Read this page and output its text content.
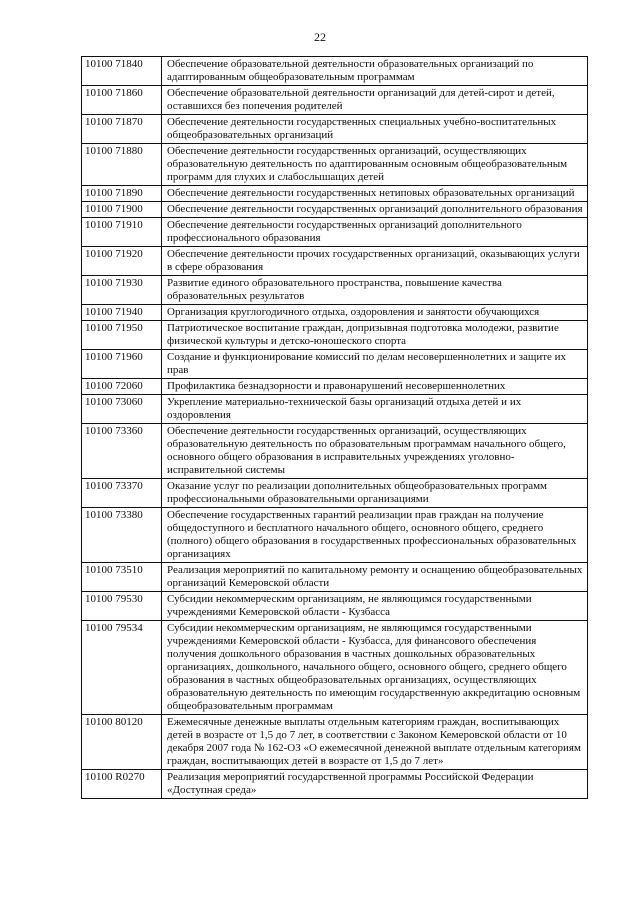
22
10100 71840	Обеспечение образовательной деятельности образовательных организаций по адаптированным общеобразовательным программам
10100 71860	Обеспечение образовательной деятельности организаций для детей-сирот и детей, оставшихся без попечения родителей
10100 71870	Обеспечение деятельности государственных специальных учебно-воспитательных общеобразовательных организаций
10100 71880	Обеспечение деятельности государственных организаций, осуществляющих образовательную деятельность по адаптированным основным общеобразовательным программ для глухих и слабослышащих детей
10100 71890	Обеспечение деятельности государственных нетиповых образовательных организаций
10100 71900	Обеспечение деятельности государственных организаций дополнительного образования
10100 71910	Обеспечение деятельности государственных организаций дополнительного профессионального образования
10100 71920	Обеспечение деятельности прочих государственных организаций, оказывающих услуги в сфере образования
10100 71930	Развитие единого образовательного пространства, повышение качества образовательных результатов
10100 71940	Организация круглогодичного отдыха, оздоровления и занятости обучающихся
10100 71950	Патриотическое воспитание граждан, допризывная подготовка молодежи, развитие физической культуры и детско-юношеского спорта
10100 71960	Создание и функционирование комиссий по делам несовершеннолетних и защите их прав
10100 72060	Профилактика безнадзорности и правонарушений несовершеннолетних
10100 73060	Укрепление материально-технической базы организаций отдыха детей и их оздоровления
10100 73360	Обеспечение деятельности государственных организаций, осуществляющих образовательную деятельность по образовательным программам начального общего, основного общего образования в исправительных учреждениях уголовно-исправительной системы
10100 73370	Оказание услуг по реализации дополнительных общеобразовательных программ профессиональными образовательными организациями
10100 73380	Обеспечение государственных гарантий реализации прав граждан на получение общедоступного и бесплатного начального общего, основного общего, среднего (полного) общего образования в государственных профессиональных образовательных организациях
10100 73510	Реализация мероприятий по капитальному ремонту и оснащению общеобразовательных организаций Кемеровской области
10100 79530	Субсидии некоммерческим организациям, не являющимся государственными учреждениями Кемеровской области - Кузбасса
10100 79534	Субсидии некоммерческим организациям, не являющимся государственными учреждениями Кемеровской области - Кузбасса, для финансового обеспечения получения дошкольного образования в частных дошкольных образовательных организациях, дошкольного, начального общего, основного общего, среднего общего образования в частных общеобразовательных организациях, осуществляющих образовательную деятельность по имеющим государственную аккредитацию основным общеобразовательным программам
10100 80120	Ежемесячные денежные выплаты отдельным категориям граждан, воспитывающих детей в возрасте от 1,5 до 7 лет, в соответствии с Законом Кемеровской области от 10 декабря 2007 года № 162-ОЗ «О ежемесячной денежной выплате отдельным категориям граждан, воспитывающих детей в возрасте от 1,5 до 7 лет»
10100 R0270	Реализация мероприятий государственной программы Российской Федерации «Доступная среда»
